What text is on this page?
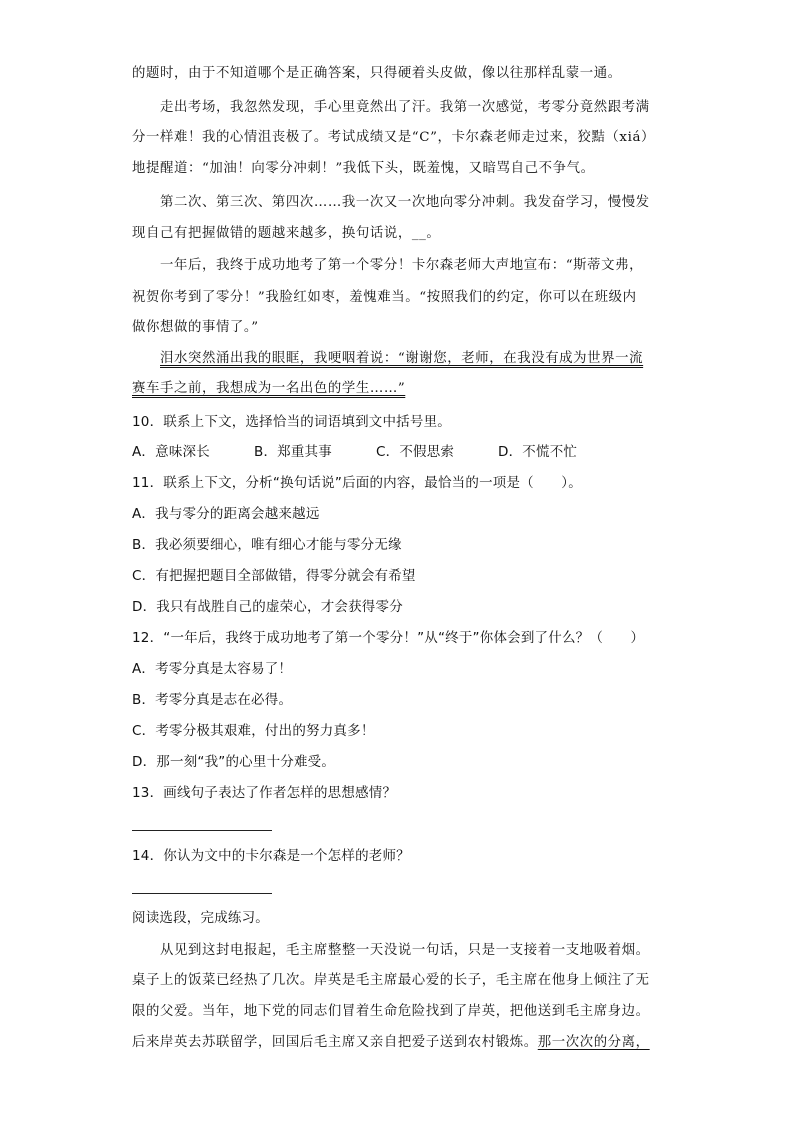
的题时，由于不知道哪个是正确答案，只得硬着头皮做，像以往那样乱蒙一通。
走出考场，我忽然发现，手心里竟然出了汗。我第一次感觉，考零分竟然跟考满
分一样难！我的心情沮丧极了。考试成绩又是“C”，卡尔森老师走过来，狡黠（xiá）
地提醒道：“加油！向零分冲刺！”我低下头，既羞愧，又暗骂自己不争气。
第二次、第三次、第四次……我一次又一次地向零分冲刺。我发奋学习，慢慢发
现自己有把握做错的题越来越多，换句话说，__。
一年后，我终于成功地考了第一个零分！卡尔森老师大声地宣布：“斯蒂文弗，
祝贺你考到了零分！”我脸红如枣，羞愧难当。“按照我们的约定，你可以在班级内
做你想做的事情了。”
泪水突然涌出我的眼眶，我哽咽着说：“谢谢您，老师，在我没有成为世界一流
赛车手之前，我想成为一名出色的学生……”
10．联系上下文，选择恰当的词语填到文中括号里。
A．意味深长	B．郑重其事	C．不假思索	D．不慌不忙
11．联系上下文，分析“换句话说”后面的内容，最恰当的一项是（　　）。
A．我与零分的距离会越来越远
B．我必须要细心，唯有细心才能与零分无缘
C．有把握把题目全部做错，得零分就会有希望
D．我只有战胜自己的虚荣心，才会获得零分
12．“一年后，我终于成功地考了第一个零分！”从“终于”你体会到了什么？（　　）
A．考零分真是太容易了！
B．考零分真是志在必得。
C．考零分极其艰难，付出的努力真多！
D．那一刻“我”的心里十分难受。
13．画线句子表达了作者怎样的思想感情？
14．你认为文中的卡尔森是一个怎样的老师？
阅读选段，完成练习。
从见到这封电报起，毛主席整整一天没说一句话，只是一支接着一支地吸着烟。
桌子上的饭菜已经热了几次。岸英是毛主席最心爱的长子，毛主席在他身上倾注了无
限的父爱。当年，地下党的同志们冒着生命危险找到了岸英，把他送到毛主席身边。
后来岸英去苏联留学，回国后毛主席又亲自把爱子送到农村锻炼。那一次次的分离，
